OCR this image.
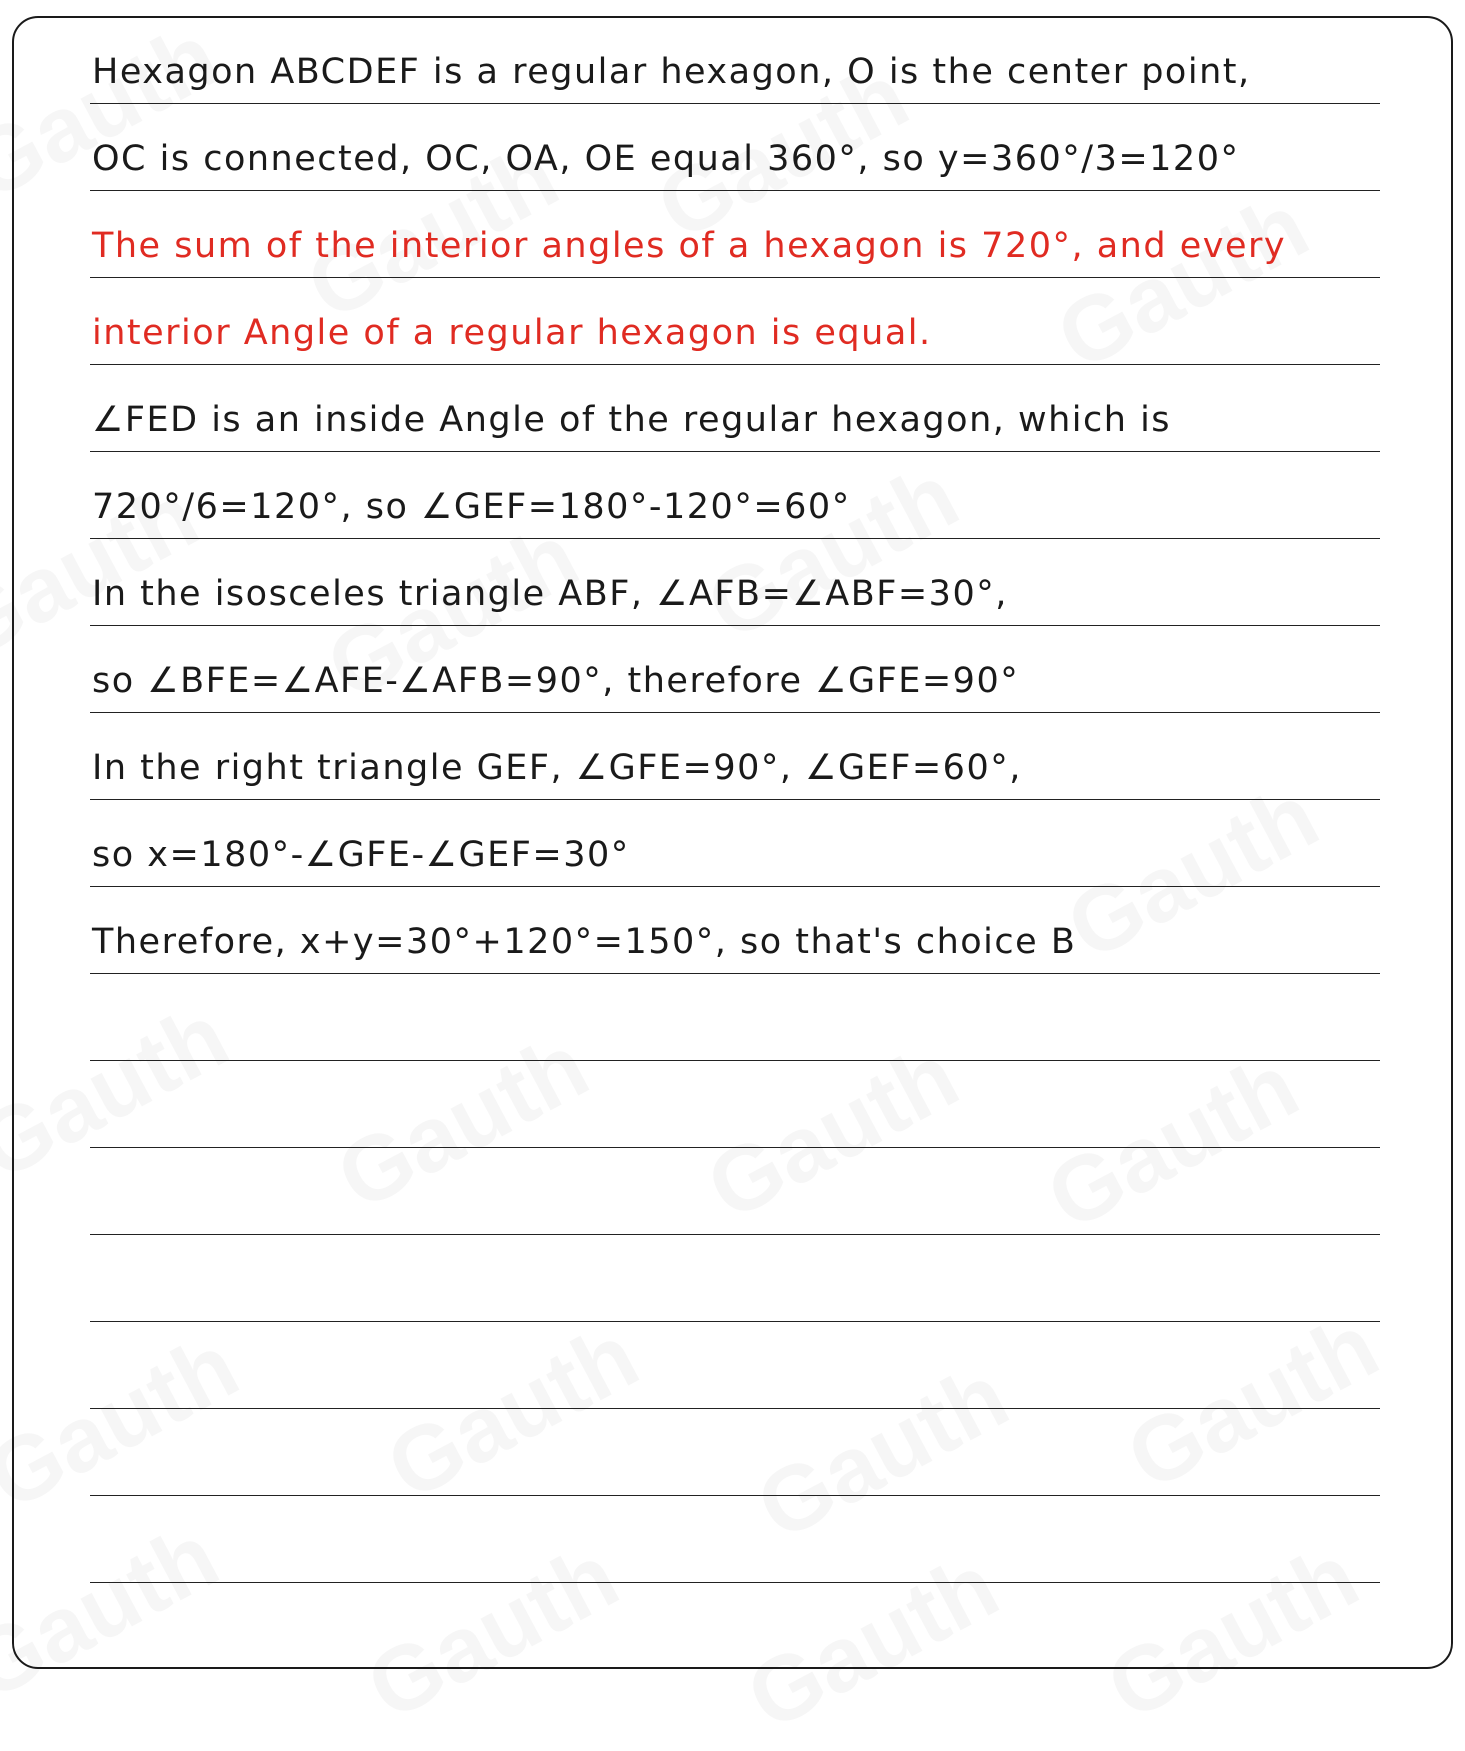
Hexagon ABCDEF is a regular hexagon, O is the center point,
OC is connected, OC, OA, OE equal 360°, so y=360°/3=120°
The sum of the interior angles of a hexagon is 720°, and every
interior Angle of a regular hexagon is equal.
∠FED is an inside Angle of the regular hexagon, which is
720°/6=120°, so ∠GEF=180°-120°=60°
In the isosceles triangle ABF, ∠AFB=∠ABF=30°,
so ∠BFE=∠AFE-∠AFB=90°, therefore ∠GFE=90°
In the right triangle GEF, ∠GFE=90°, ∠GEF=60°,
so x=180°-∠GFE-∠GEF=30°
Therefore, x+y=30°+120°=150°, so that's choice B
